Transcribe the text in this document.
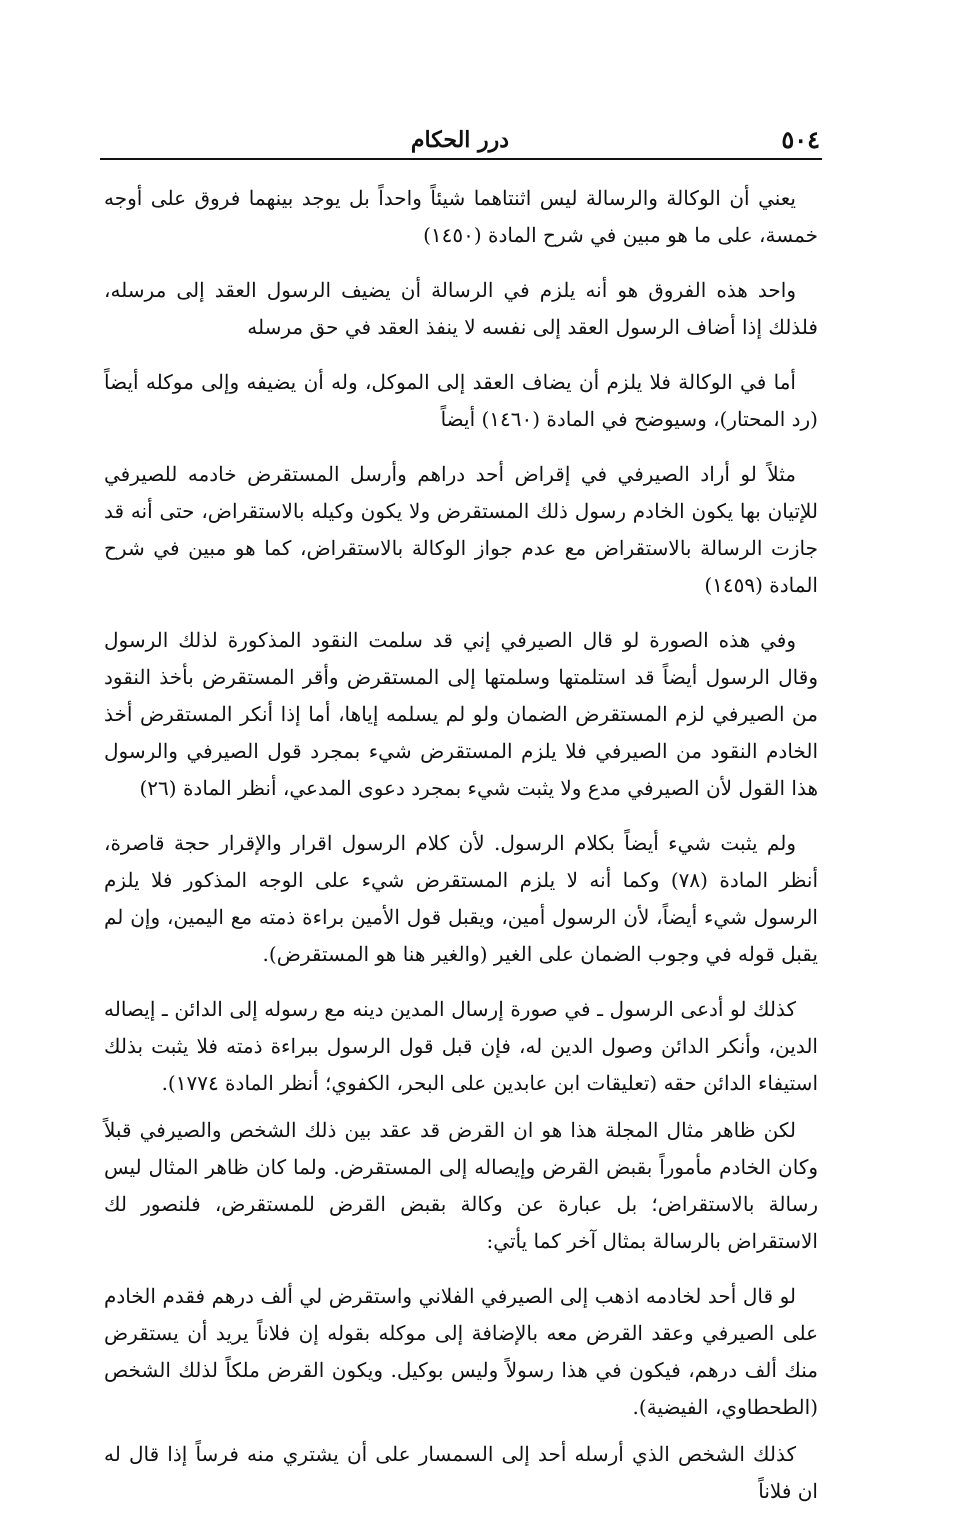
٥٠٤
درر الحكام

يعني أن الوكالة والرسالة ليس اثنتاهما شيئاً واحداً بل يوجد بينهما فروق على أوجه خمسة، على ما هو مبين في شرح المادة (١٤٥٠)

واحد هذه الفروق هو أنه يلزم في الرسالة أن يضيف الرسول العقد إلى مرسله، فلذلك إذا أضاف الرسول العقد إلى نفسه لا ينفذ العقد في حق مرسله

أما في الوكالة فلا يلزم أن يضاف العقد إلى الموكل، وله أن يضيفه وإلى موكله أيضاً (رد المحتار)، وسيوضح في المادة (١٤٦٠) أيضاً

مثلاً لو أراد الصيرفي في إقراض أحد دراهم وأرسل المستقرض خادمه للصيرفي للإتيان بها يكون الخادم رسول ذلك المستقرض ولا يكون وكيله بالاستقراض، حتى أنه قد جازت الرسالة بالاستقراض مع عدم جواز الوكالة بالاستقراض، كما هو مبين في شرح المادة (١٤٥٩)

وفي هذه الصورة لو قال الصيرفي إني قد سلمت النقود المذكورة لذلك الرسول وقال الرسول أيضاً قد استلمتها وسلمتها إلى المستقرض وأقر المستقرض بأخذ النقود من الصيرفي لزم المستقرض الضمان ولو لم يسلمه إياها، أما إذا أنكر المستقرض أخذ الخادم النقود من الصيرفي فلا يلزم المستقرض شيء بمجرد قول الصيرفي والرسول هذا القول لأن الصيرفي مدع ولا يثبت شيء بمجرد دعوى المدعي، أنظر المادة (٢٦)

ولم يثبت شيء أيضاً بكلام الرسول. لأن كلام الرسول اقرار والإقرار حجة قاصرة، أنظر المادة (٧٨) وكما أنه لا يلزم المستقرض شيء على الوجه المذكور فلا يلزم الرسول شيء أيضاً، لأن الرسول أمين، ويقبل قول الأمين براءة ذمته مع اليمين، وإن لم يقبل قوله في وجوب الضمان على الغير (والغير هنا هو المستقرض).

كذلك لو أدعى الرسول ـ في صورة إرسال المدين دينه مع رسوله إلى الدائن ـ إيصاله الدين، وأنكر الدائن وصول الدين له، فإن قبل قول الرسول ببراءة ذمته فلا يثبت بذلك استيفاء الدائن حقه (تعليقات ابن عابدين على البحر، الكفوي؛ أنظر المادة ١٧٧٤).

لكن ظاهر مثال المجلة هذا هو ان القرض قد عقد بين ذلك الشخص والصيرفي قبلاً وكان الخادم مأموراً بقبض القرض وإيصاله إلى المستقرض. ولما كان ظاهر المثال ليس رسالة بالاستقراض؛ بل عبارة عن وكالة بقبض القرض للمستقرض، فلنصور لك الاستقراض بالرسالة بمثال آخر كما يأتي:

لو قال أحد لخادمه اذهب إلى الصيرفي الفلاني واستقرض لي ألف درهم فقدم الخادم على الصيرفي وعقد القرض معه بالإضافة إلى موكله بقوله إن فلاناً يريد أن يستقرض منك ألف درهم، فيكون في هذا رسولاً وليس بوكيل. ويكون القرض ملكاً لذلك الشخص (الطحطاوي، الفيضية).

كذلك الشخص الذي أرسله أحد إلى السمسار على أن يشتري منه فرساً إذا قال له ان فلاناً
